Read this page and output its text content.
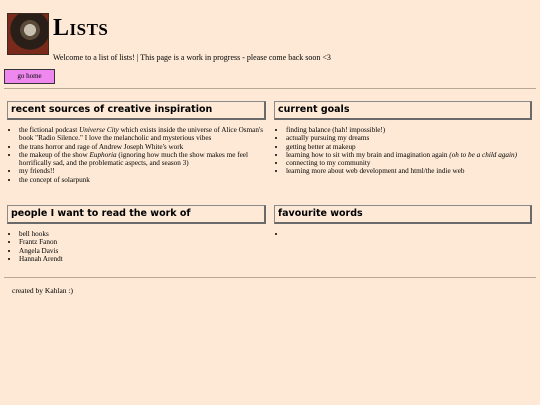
Lists
Welcome to a list of lists! | This page is a work in progress - please come back soon <3
go home
recent sources of creative inspiration
• the fictional podcast Universe City which exists inside the universe of Alice Osman's book "Radio Silence." I love the melancholic and mysterious vibes
• the trans horror and rage of Andrew Joseph White's work
• the makeup of the show Euphoria (ignoring how much the show makes me feel horrifically sad, and the problematic aspects, and season 3)
• my friends!!
• the concept of solarpunk
current goals
• finding balance (hah! impossible!)
• actually pursuing my dreams
• getting better at makeup
• learning how to sit with my brain and imagination again (oh to be a child again)
• connecting to my community
• learning more about web development and html/the indie web
people I want to read the work of
• bell hooks
• Frantz Fanon
• Angela Davis
• Hannah Arendt
favourite words
•
created by Kahlan :)
